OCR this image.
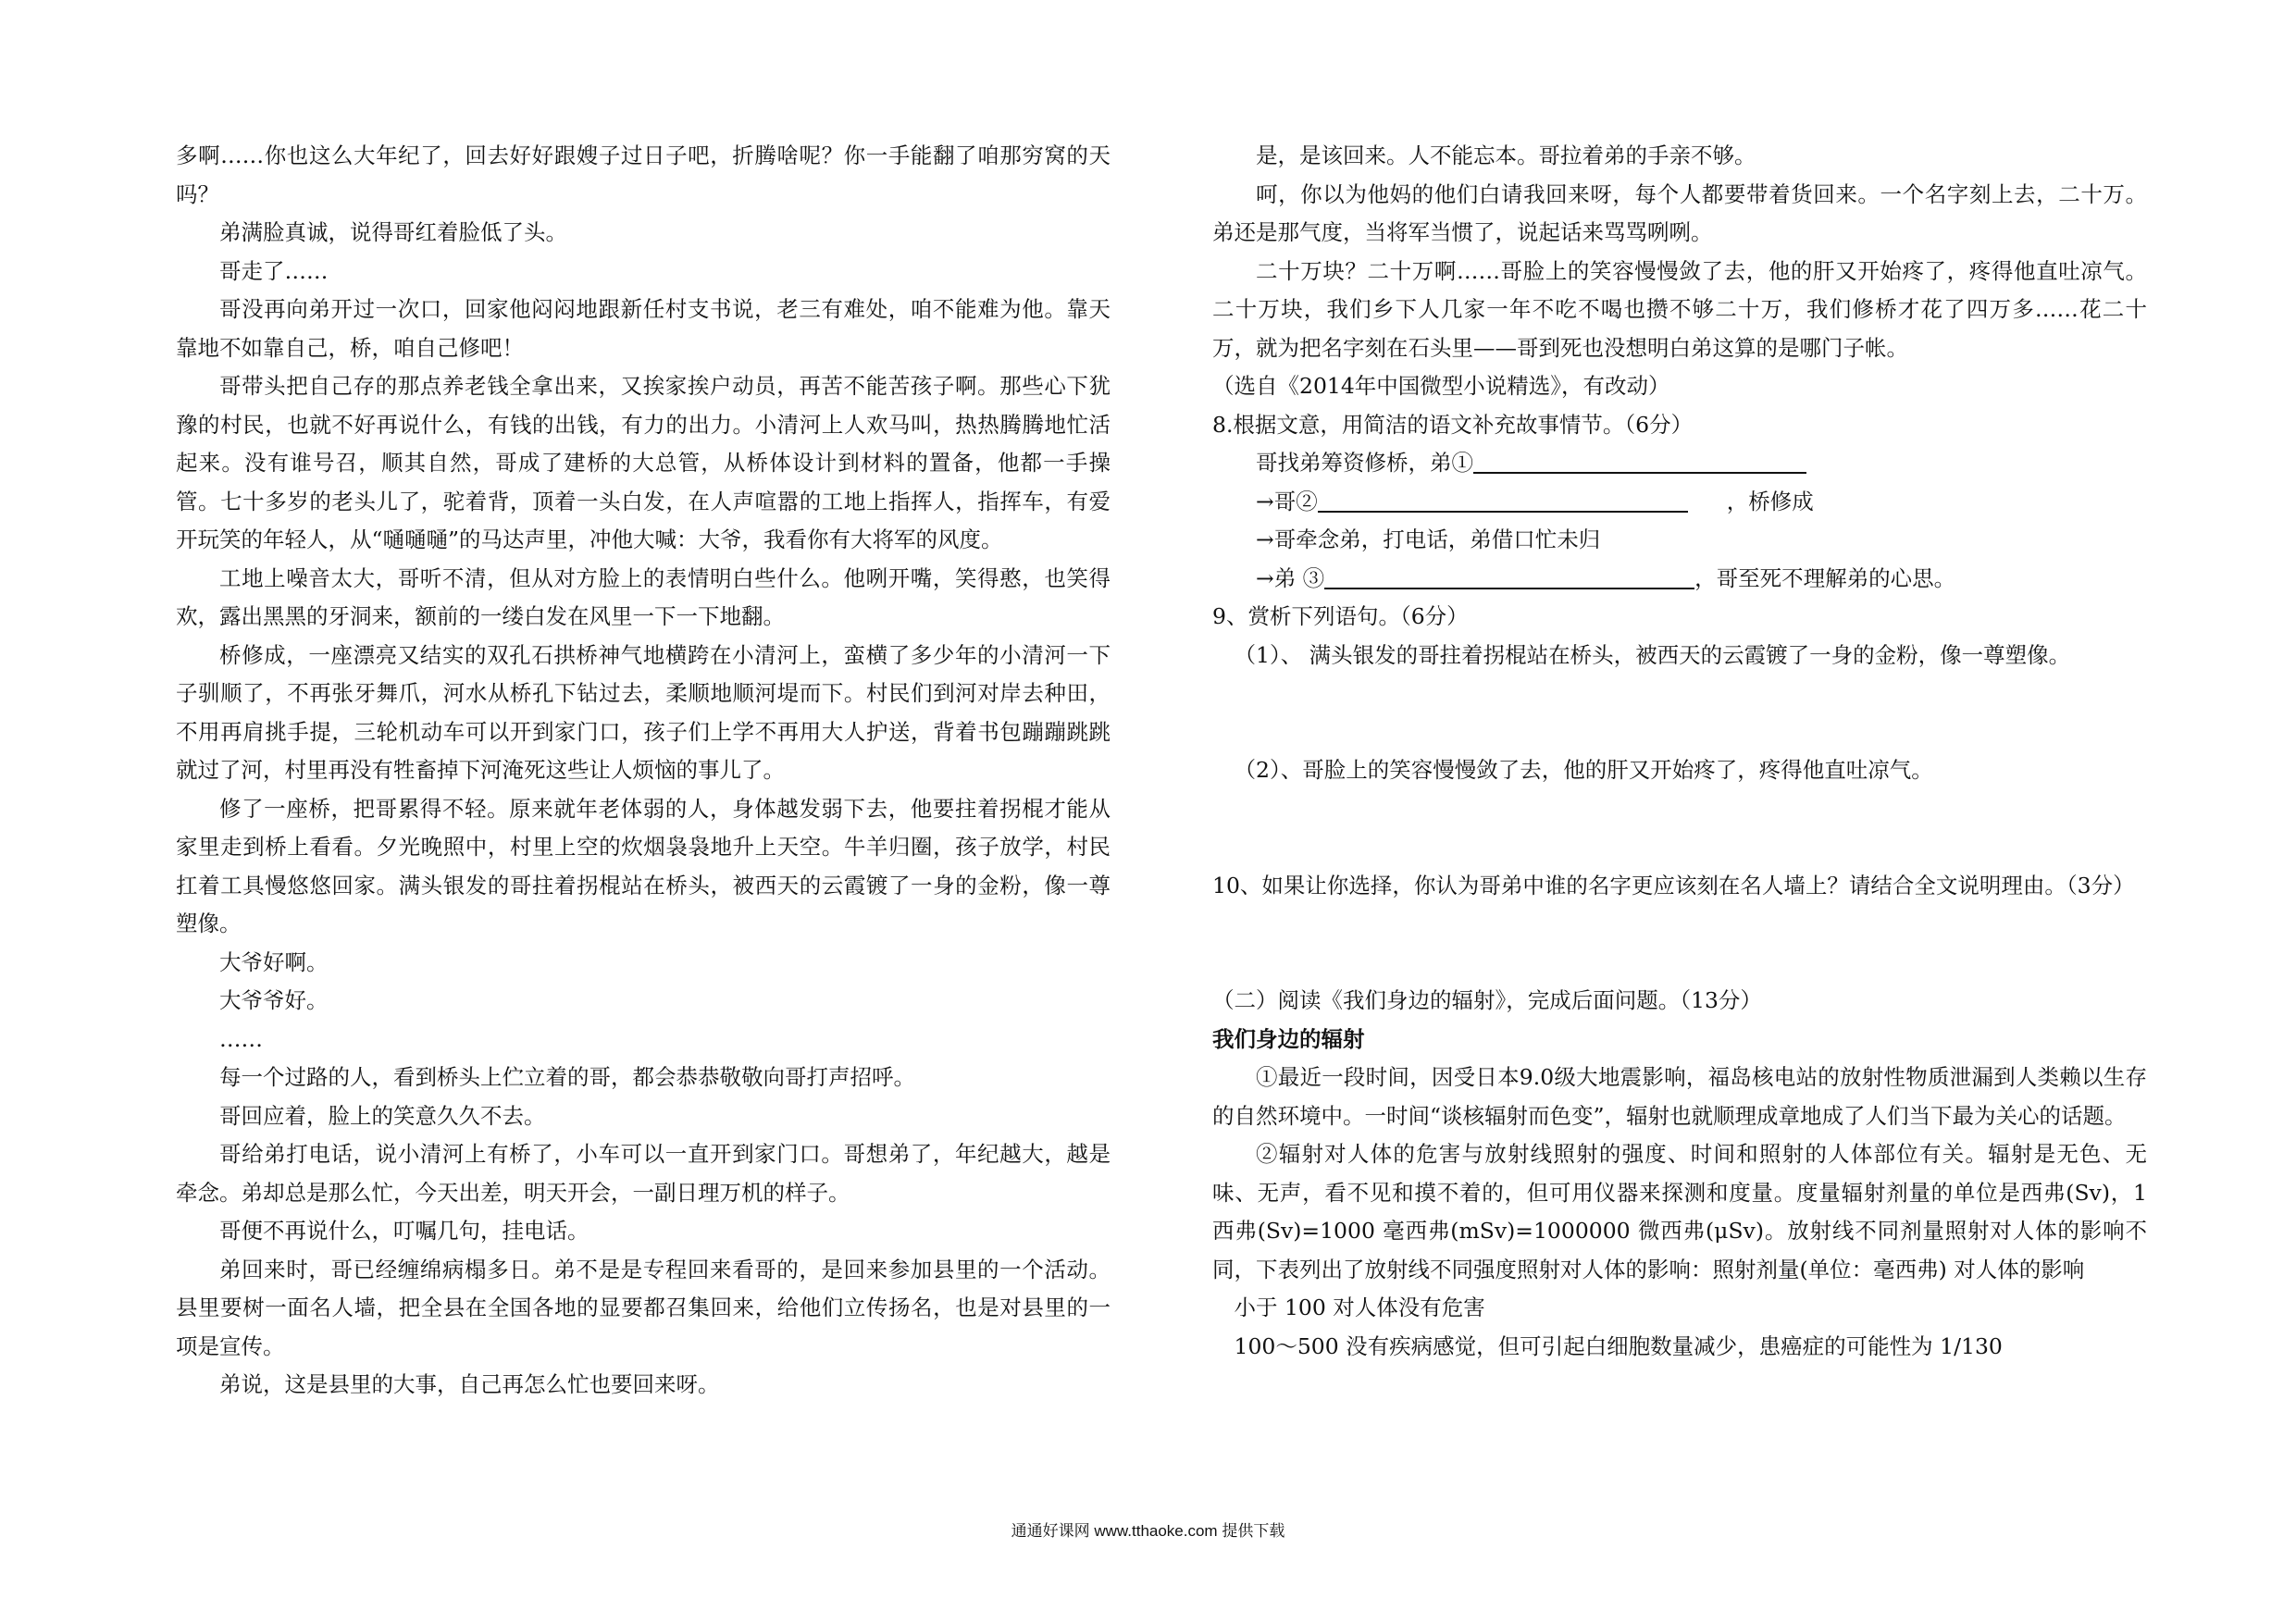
多啊……你也这么大年纪了，回去好好跟嫂子过日子吧，折腾啥呢？你一手能翻了咱那穷窝的天吗？

弟满脸真诚，说得哥红着脸低了头。

哥走了……

哥没再向弟开过一次口，回家他闷闷地跟新任村支书说，老三有难处，咱不能难为他。靠天靠地不如靠自己，桥，咱自己修吧！

哥带头把自己存的那点养老钱全拿出来，又挨家挨户动员，再苦不能苦孩子啊。那些心下犹豫的村民，也就不好再说什么，有钱的出钱，有力的出力。小清河上人欢马叫，热热腾腾地忙活起来。没有谁号召，顺其自然，哥成了建桥的大总管，从桥体设计到材料的置备，他都一手操管。七十多岁的老头儿了，驼着背，顶着一头白发，在人声喧嚣的工地上指挥人，指挥车，有爱开玩笑的年轻人，从“嗵嗵嗵”的马达声里，冲他大喊：大爷，我看你有大将军的风度。

工地上噪音太大，哥听不清，但从对方脸上的表情明白些什么。他咧开嘴，笑得憨，也笑得欢，露出黑黑的牙洞来，额前的一缕白发在风里一下一下地翻。

桥修成，一座漂亮又结实的双孔石拱桥神气地横跨在小清河上，蛮横了多少年的小清河一下子驯顺了，不再张牙舞爪，河水从桥孔下钻过去，柔顺地顺河堤而下。村民们到河对岸去种田，不用再肩挑手提，三轮机动车可以开到家门口，孩子们上学不再用大人护送，背着书包蹦蹦跳跳就过了河，村里再没有牲畜掉下河淹死这些让人烦恼的事儿了。

修了一座桥，把哥累得不轻。原来就年老体弱的人，身体越发弱下去，他要拄着拐棍才能从家里走到桥上看看。夕光晚照中，村里上空的炊烟袅袅地升上天空。牛羊归圈，孩子放学，村民扛着工具慢悠悠回家。满头银发的哥拄着拐棍站在桥头，被西天的云霞镀了一身的金粉，像一尊塑像。

大爷好啊。

大爷爷好。

……

每一个过路的人，看到桥头上伫立着的哥，都会恭恭敬敬向哥打声招呼。

哥回应着，脸上的笑意久久不去。

哥给弟打电话，说小清河上有桥了，小车可以一直开到家门口。哥想弟了，年纪越大，越是牵念。弟却总是那么忙，今天出差，明天开会，一副日理万机的样子。

哥便不再说什么，叮嘱几句，挂电话。

弟回来时，哥已经缠绵病榻多日。弟不是是专程回来看哥的，是回来参加县里的一个活动。县里要树一面名人墙，把全县在全国各地的显要都召集回来，给他们立传扬名，也是对县里的一项是宣传。

弟说，这是县里的大事，自己再怎么忙也要回来呀。

是，是该回来。人不能忘本。哥拉着弟的手亲不够。

呵，你以为他妈的他们白请我回来呀，每个人都要带着货回来。一个名字刻上去，二十万。弟还是那气度，当将军当惯了，说起话来骂骂咧咧。

二十万块？二十万啊……哥脸上的笑容慢慢敛了去，他的肝又开始疼了，疼得他直吐凉气。二十万块，我们乡下人几家一年不吃不喝也攒不够二十万，我们修桥才花了四万多……花二十万，就为把名字刻在石头里——哥到死也没想明白弟这算的是哪门子帐。

（选自《2014年中国微型小说精选》，有改动）

8.根据文意，用简洁的语文补充故事情节。（6分）

哥找弟筹资修桥，弟①

→哥②	，桥修成

→哥牵念弟，打电话，弟借口忙未归

→弟 ③	，哥至死不理解弟的心思。

9、赏析下列语句。（6分）

（1）、 满头银发的哥拄着拐棍站在桥头，被西天的云霞镀了一身的金粉，像一尊塑像。

（2）、哥脸上的笑容慢慢敛了去，他的肝又开始疼了，疼得他直吐凉气。

10、如果让你选择，你认为哥弟中谁的名字更应该刻在名人墙上？请结合全文说明理由。（3分）

（二）阅读《我们身边的辐射》，完成后面问题。（13分）

我们身边的辐射

①最近一段时间，因受日本9.0级大地震影响，福岛核电站的放射性物质泄漏到人类赖以生存的自然环境中。一时间“谈核辐射而色变”，辐射也就顺理成章地成了人们当下最为关心的话题。

②辐射对人体的危害与放射线照射的强度、时间和照射的人体部位有关。辐射是无色、无味、无声，看不见和摸不着的，但可用仪器来探测和度量。度量辐射剂量的单位是西弗(Sv)，1 西弗(Sv)=1000 毫西弗(mSv)=1000000 微西弗(μSv)。放射线不同剂量照射对人体的影响不同，下表列出了放射线不同强度照射对人体的影响：照射剂量(单位：毫西弗) 对人体的影响

小于 100 对人体没有危害

100～500 没有疾病感觉，但可引起白细胞数量减少，患癌症的可能性为 1/130

通通好课网 www.tthaoke.com 提供下载
